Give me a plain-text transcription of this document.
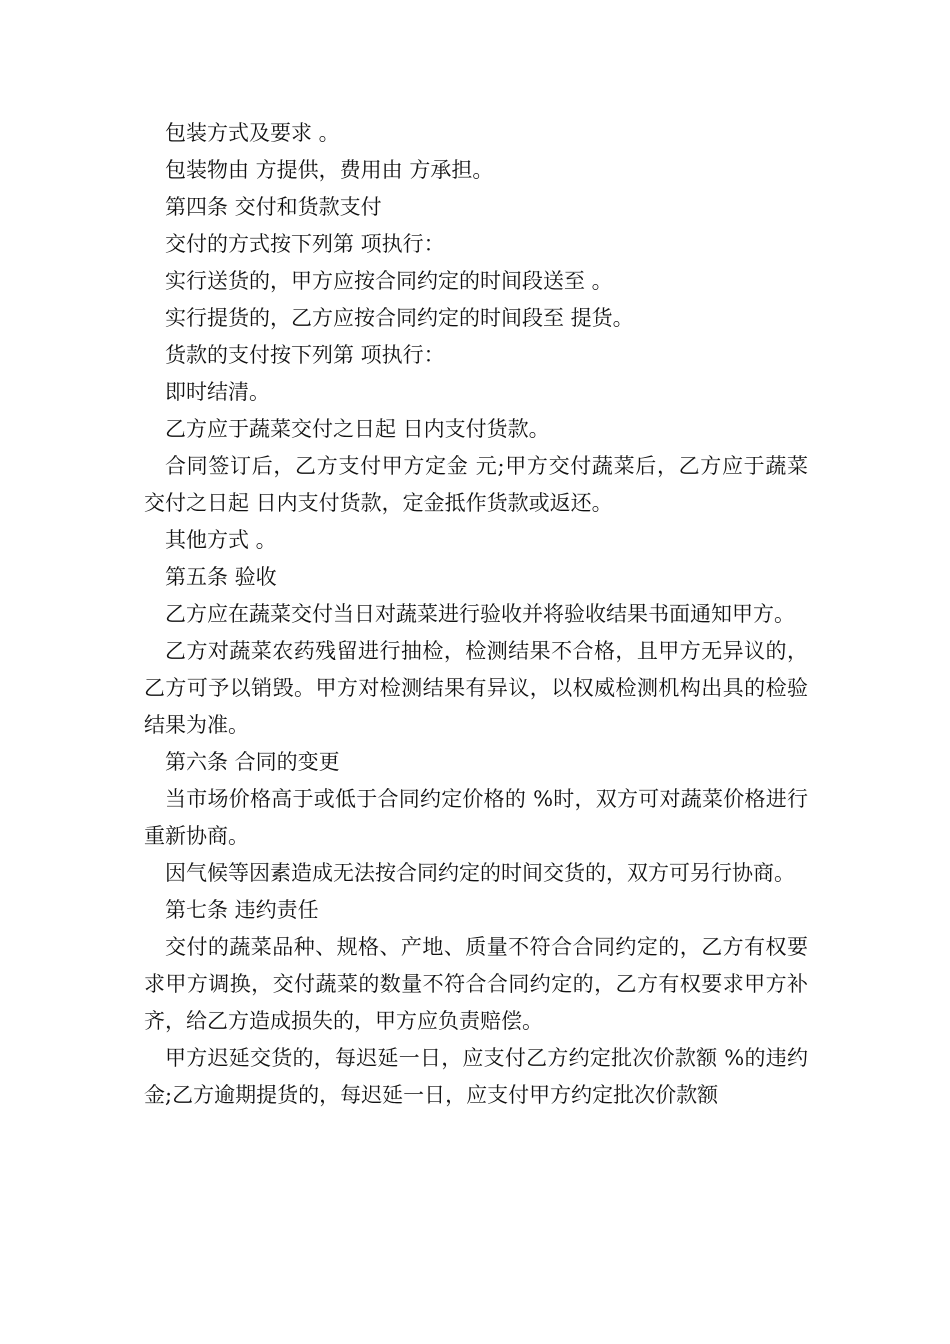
包装方式及要求 。

包装物由 方提供，费用由 方承担。

第四条 交付和货款支付

交付的方式按下列第 项执行：

实行送货的，甲方应按合同约定的时间段送至 。

实行提货的，乙方应按合同约定的时间段至 提货。

货款的支付按下列第 项执行：

即时结清。

乙方应于蔬菜交付之日起 日内支付货款。

合同签订后，乙方支付甲方定金 元;甲方交付蔬菜后，乙方应于蔬菜交付之日起 日内支付货款，定金抵作货款或返还。

其他方式 。

第五条 验收

乙方应在蔬菜交付当日对蔬菜进行验收并将验收结果书面通知甲方。

乙方对蔬菜农药残留进行抽检，检测结果不合格，且甲方无异议的，乙方可予以销毁。甲方对检测结果有异议，以权威检测机构出具的检验结果为准。

第六条 合同的变更

当市场价格高于或低于合同约定价格的 %时，双方可对蔬菜价格进行重新协商。

因气候等因素造成无法按合同约定的时间交货的，双方可另行协商。

第七条 违约责任

交付的蔬菜品种、规格、产地、质量不符合合同约定的，乙方有权要求甲方调换，交付蔬菜的数量不符合合同约定的，乙方有权要求甲方补齐，给乙方造成损失的，甲方应负责赔偿。

甲方迟延交货的，每迟延一日，应支付乙方约定批次价款额 %的违约金;乙方逾期提货的，每迟延一日，应支付甲方约定批次价款额
